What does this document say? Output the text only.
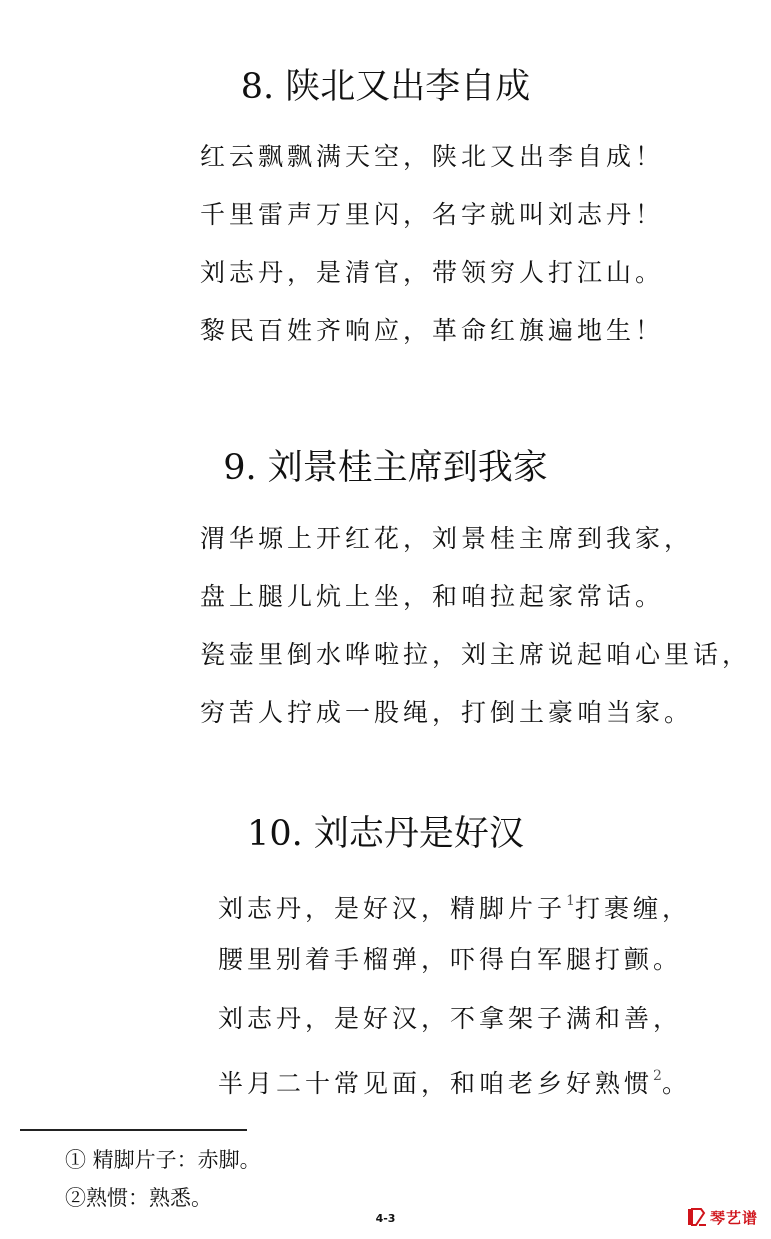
8. 陕北又出李自成
红云飘飘满天空，陕北又出李自成！
千里雷声万里闪，名字就叫刘志丹！
刘志丹，是清官，带领穷人打江山。
黎民百姓齐响应，革命红旗遍地生！
9. 刘景桂主席到我家
渭华塬上开红花，刘景桂主席到我家，
盘上腿儿炕上坐，和咱拉起家常话。
瓷壶里倒水哗啦拉，刘主席说起咱心里话，
穷苦人拧成一股绳，打倒土豪咱当家。
10. 刘志丹是好汉
刘志丹，是好汉，精脚片子$^1$打裹缠，
腰里别着手榴弹，吓得白军腿打颤。
刘志丹，是好汉，不拿架子满和善，
半月二十常见面，和咱老乡好熟惯$^2$。
① 精脚片子：赤脚。
②熟惯：熟悉。
4-3	琴艺谱
